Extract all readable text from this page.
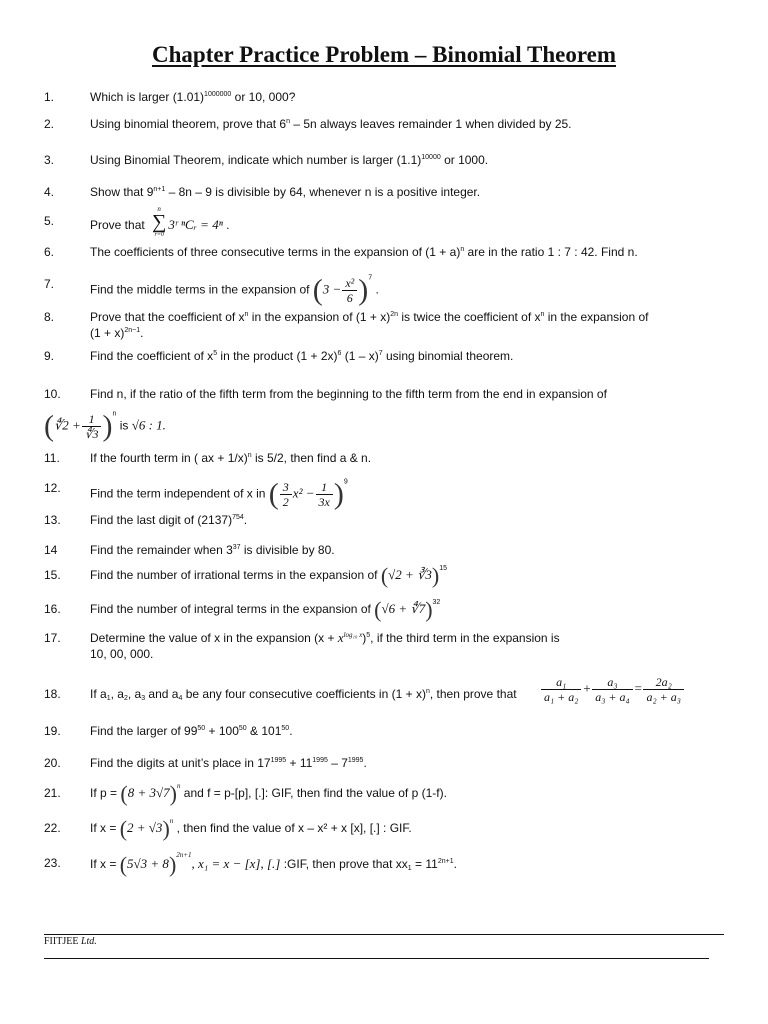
Chapter Practice Problem – Binomial Theorem
1.	Which is larger $(1.01)^{1000000}$ or 10, 000?
2.	Using binomial theorem, prove that 6$^n$ – 5n always leaves remainder 1 when divided by 25.
3.	Using Binomial Theorem, indicate which number is larger $(1.1)^{10000}$ or 1000.
4.	Show that $9^{n+1} - 8n - 9$ is divisible by 64, whenever n is a positive integer.
5.	Prove that
n
∑
r=0
3ʳ ⁿCᵣ = 4ⁿ .
6.	The coefficients of three consecutive terms in the expansion of $(1 + a)^n$ are in the ratio 1 : 7 : 42. Find n.
7.	Find the middle terms in the expansion of $(3 - \frac{\text{x²}}{6} )^7$ .
8.	Prove that the coefficient of $x^n$ in the expansion of $(1 + x)^{2n}$ is twice the coefficient of $x^n$ in the expansion of
$(1 + x)^{2n-1}$.
9.	Find the coefficient of $x^5$ in the product $(1 + 2x)^6$ (1 – x)$^7$ using binomial theorem.
10. Find n, if the ratio of the fifth term from the beginning to the fifth term from the end in expansion of
(∜2 + $\frac{1}{∜3} )^n$ is √6 : 1.
11.	If the fourth term in ( ax + 1/x)$^n$ is 5/2, then find a & n.
12. Find the term independent of x in ( $\frac{3}{2} x^2 - \frac{1}{3x} )^9$
13. Find the last digit of $(2137)^{754}$.
14	Find the remainder when $3^{37}$ is divisible by 80.
15. Find the number of irrational terms in the expansion of (√2 + ∛3)$^{15}$
16. Find the number of integral terms in the expansion of (√6 + ∜7)$^{32}$
17. Determine the value of x in the expansion $(x + x^{log_{10} x})^5$, if the third term in the expansion is
10, 00, 000.
18. If $a_1$, $a_2$, $a_3$ and $a_4$ be any four consecutive coefficients in $(1 + x)^n$, then prove that	$\frac{\text{a₁}}{\text{a₁ + a₂}} + \frac{\text{a₃}}{\text{a₃ + a₄}} = \frac{\text{2a₂}}{\text{a₂ + a₃}}$
19. Find the larger of $99^{50} + 100^{50}$ & $101^{50}$.
20. Find the digits at unit’s place in $17^{1995} + 11^{1995} - 7^{1995}$.
21. If $p = (8 + 3√7)^n$ and f = p-[p], [.]: GIF, then find the value of p (1-f).
22. If $x = (2 + √3)^n$ , then find the value of x – x² + x [x], [.] : GIF.
23. If $x = (5√3 + 8)^{2n+1}$, x₁ = x − [x], [.] :GIF, then prove that $xx_1 = 11^{2n+1}$.
FIITJEE Ltd.
